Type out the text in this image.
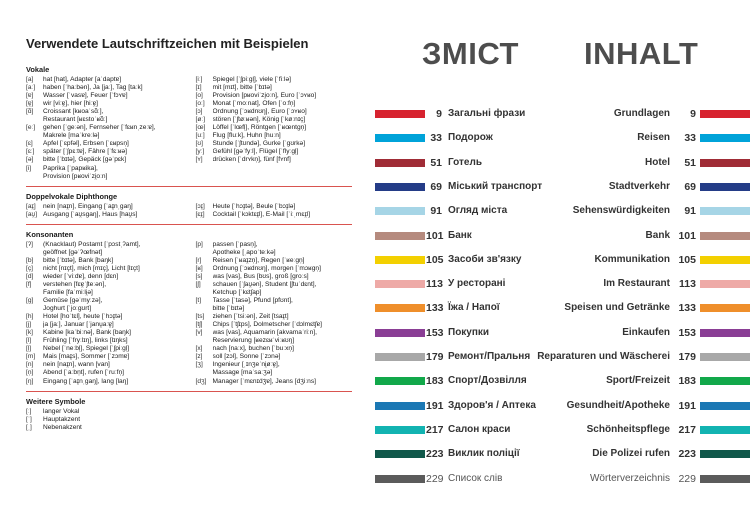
Verwendete Lautschriftzeichen mit Beispielen
Vokale
[a]	hat [hat], Adapter [aˈdaptɐ]
[aː]	haben [ˈhaːbən], Ja [jaː], Tag [taːk]
[ɐ]	Wasser [ˈvasɐ], Feuer [ˈfɔʏɐ]
[ɐ̯]	wir [viːɐ̯], hier [hiːɐ̯]
[ɑ̃]	Croissant [kʁoaˈsɑ̃ː],
Restaurant [ʁɛstoˈʁɑ̃ː]
[eː]	gehen [ˈɡeːən], Fernseher [ˈfɛʁnˌzeːɐ],
Makrele [maˈkreːlə]
[ɛ]	Äpfel [ˈɛpfəl], Erbsen [ˈɛʁpsn̩]
[ɛː]	später [ˈʃpɛːtɐ], Fähre [ˈfɛːʁə]
[ə]	bitte [ˈbɪtə], Gepäck [ɡəˈpɛk]
[i]	Paprika [ˈpapʁika],
Provision [pʁoviˈzi̯oːn]
[iː]	Spiegel [ˈʃpiːɡl̩], viele [ˈfiːlə]
[ɪ]	mit [mɪt], bitte [ˈbɪtə]
[o]	Provision [pʁoviˈzi̯oːn], Euro [ˈɔʏʁo]
[oː]	Monat [ˈmoːnat], Ofen [ˈoːfn̩]
[ɔ]	Ordnung [ˈɔʁdnʊŋ], Euro [ˈɔʏʁo]
[øː]	stören [ˈʃtøːʁən], König [ˈkøːnɪç]
[œ]	Löffel [ˈlœfl̩], Röntgen [ˈʁœntɡn̩]
[uː]	Flug [fluːk], Huhn [huːn]
[ʊ]	Stunde [ˈʃtʊndə], Gurke [ˈɡʊrkə]
[yː]	Gefühl [ɡəˈfyːl], Flügel [ˈflyːɡl̩]
[ʏ]	drücken [ˈdrʏkn̩], fünf [fʏnf]
Doppelvokale Diphthonge
[aɪ̯]	nein [naɪ̯n], Eingang [ˈaɪ̯nˌɡaŋ]
[aʊ̯] Ausgang [ˈaʊ̯sɡaŋ], Haus [haʊ̯s]
[ɔɪ̯]	Heute [ˈhɔɪ̯tə], Beule [ˈbɔɪ̯lə]
[ɛɪ̯]	Cocktail [ˈkɔktɛɪ̯l], E-Mail [ˈiːˌmɛɪ̯l]
Konsonanten
[ʔ]	(Knacklaut) Postamt [ˈpɔstˌʔamt],
geöffnet [ɡəˈʔœfnət]
[b]	bitte [ˈbɪtə], Bank [baŋk]
[ç]	nicht [nɪçt], mich [mɪç], Licht [lɪçt]
[d]	wieder [ˈviːdɐ], denn [dɛn]
[f]	verstehen [fɛɐ̯ˈʃteːən],
Familie [faˈmiːli̯ə]
[g]	Gemüse [ɡəˈmyːzə],
Joghurt [ˈjoːɡʊrt]
[h]	Hotel [hoˈtɛl], heute [ˈhɔɪ̯tə]
[j]	ja [jaː], Januar [ˈjanu̯aːɐ̯]
[k]	Kabine [kaˈbiːnə], Bank [baŋk]
[l]	Frühling [ˈfryːlɪŋ], links [lɪŋks]
[l̩]	Nebel [ˈneːbl̩], Spiegel [ˈʃpiːɡl̩]
[m]	Mais [maɪ̯s], Sommer [ˈzɔmɐ]
[n]	nein [naɪ̯n], wann [van]
[n̩]	Abend [ˈaːbn̩t], rufen [ˈruːfn̩]
[ŋ]	Eingang [ˈaɪ̯nˌɡaŋ], lang [laŋ]
[p]	passen [ˈpasn̩],
Apotheke [ˌapoˈteːkə]
[r]	Reisen [ˈʁaɪ̯zn̩], Regen [ˈʁeːɡn̩]
[ʁ]	Ordnung [ˈɔʁdnʊŋ], morgen [ˈmɔʁɡn̩]
[s]	was [vas], Bus [bʊs], groß [ɡroːs]
[ʃ]	schauen [ˈʃaʊ̯ən], Student [ʃtuˈdɛnt],
Ketchup [ˈkɛt͡ʃap]
[t]	Tasse [ˈtasə], Pfund [pfʊnt],
bitte [ˈbɪtə]
[ts]	ziehen [ˈt͡siːən], Zeit [t͡saɪ̯t]
[tʃ]	Chips [ˈt͡ʃɪps], Dolmetscher [ˈdɔlmɛt͡ʃɐ]
[v]	was [vas], Aquamarin [akvamaˈriːn],
Reservierung [ʁezɛʁˈviːʁʊŋ]
[x]	nach [naːx], buchen [ˈbuːxn̩]
[z]	soll [zɔl], Sonne [ˈzɔnə]
[ʒ]	Ingenieur [ˌɪnʒeˈni̯øːɐ̯],
Massage [maˈsaːʒə]
[dʒ] Manager [ˈmɛnɪd͡ʒɐ], Jeans [d͡ʒiːns]
Weitere Symbole
[ː]	langer Vokal
[ˈ]	Hauptakzent
[ˌ]	Nebenakzent
ЗМІСТ INHALT
9 Загальні фрази	Grundlagen 9
33 Подорож	Reisen 33
51 Готель	Hotel 51
69 Міський транспорт	Stadtverkehr 69
91 Огляд міста	Sehenswürdigkeiten 91
101 Банк	Bank 101
105 Засоби зв'язку	Kommunikation 105
113 У ресторані	Im Restaurant 113
133 Їжа / Напої	Speisen und Getränke 133
153 Покупки	Einkaufen 153
179 Ремонт/Пральня Reparaturen und Wäscherei 179
183 Спорт/Дозвілля	Sport/Freizeit 183
191 Здоров'я / Аптека	Gesundheit/Apotheke 191
217 Салон краси	Schönheitspflege 217
223 Виклик поліції	Die Polizei rufen 223
229 Список слів	Wörterverzeichnis 229
